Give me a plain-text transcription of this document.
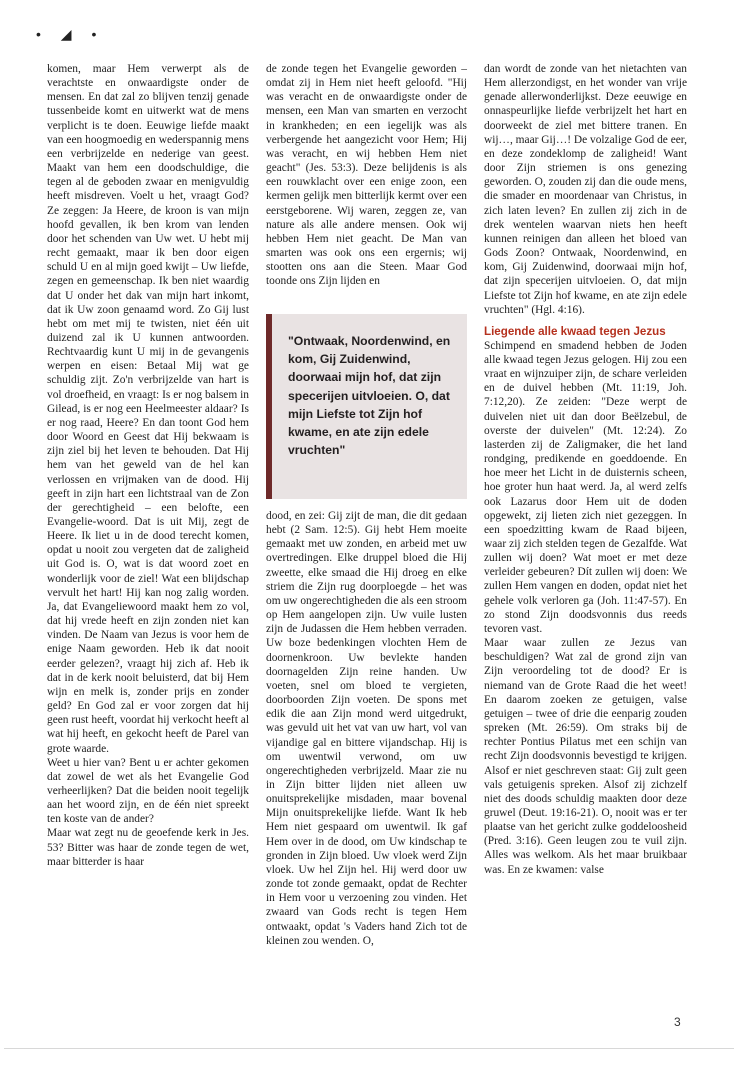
• ◢ •

komen, maar Hem verwerpt als de verachtste en onwaardigste onder de mensen. En dat zal zo blijven tenzij genade tussenbeide komt en uitwerkt wat de mens verplicht is te doen. Eeuwige liefde maakt van een hoogmoedig en wederspannig mens een verbrijzelde en nederige van geest. Maakt van hem een doodschuldige, die tegen al de geboden zwaar en menigvuldig heeft misdreven. Voelt u het, vraagt God? Ze zeggen: Ja Heere, de kroon is van mijn hoofd gevallen, ik ben krom van lenden door het schenden van Uw wet. U hebt mij recht gemaakt, maar ik ben door eigen schuld U en al mijn goed kwijt – Uw liefde, zegen en gemeenschap. Ik ben niet waardig dat U onder het dak van mijn hart inkomt, dat ik Uw zoon genaamd word. Zo Gij lust hebt om met mij te twisten, niet één uit duizend zal ik U kunnen antwoorden. Rechtvaardig kunt U mij in de gevangenis werpen en eisen: Betaal Mij wat ge schuldig zijt. Zo'n verbrijzelde van hart is vol droefheid, en vraagt: Is er nog balsem in Gilead, is er nog een Heelmeester aldaar? Is er nog raad, Heere? En dan toont God hem door Woord en Geest dat Hij bekwaam is zijn ziel bij het leven te behouden. Dat Hij hem van het geweld van de hel kan verlossen en vrijmaken van de dood. Hij geeft in zijn hart een lichtstraal van de Zon der gerechtigheid – een belofte, een Evangelie-woord. Dat is uit Mij, zegt de Heere. Ik liet u in de dood terecht komen, opdat u nooit zou vergeten dat de zaligheid uit God is. O, wat is dat woord zoet en wonderlijk voor de ziel! Wat een blijdschap vervult het hart! Hij kan nog zalig worden. Ja, dat Evangeliewoord maakt hem zo vol, dat hij vrede heeft en zijn zonden niet kan vinden. De Naam van Jezus is voor hem de enige Naam geworden. Heb ik dat nooit eerder gelezen?, vraagt hij zich af. Heb ik dat in de kerk nooit beluisterd, dat bij Hem wijn en melk is, zonder prijs en zonder geld? En God zal er voor zorgen dat hij geen rust heeft, voordat hij verkocht heeft al wat hij heeft, en gekocht heeft de Parel van grote waarde.

Weet u hier van? Bent u er achter gekomen dat zowel de wet als het Evangelie God verheerlijken? Dat die beiden nooit tegelijk aan het woord zijn, en de één niet spreekt ten koste van de ander?

Maar wat zegt nu de geoefende kerk in Jes. 53? Bitter was haar de zonde tegen de wet, maar bitterder is haar

de zonde tegen het Evangelie geworden – omdat zij in Hem niet heeft geloofd. "Hij was veracht en de onwaardigste onder de mensen, een Man van smarten en verzocht in krankheden; en een iegelijk was als verbergende het aangezicht voor Hem; Hij was veracht, en wij hebben Hem niet geacht" (Jes. 53:3). Deze belijdenis is als een rouwklacht over een enige zoon, een kermen gelijk men bitterlijk kermt over een eerstgeborene. Wij waren, zeggen ze, van nature als alle andere mensen. Ook wij hebben Hem niet geacht. De Man van smarten was ook ons een ergernis; wij stootten ons aan die Steen. Maar God toonde ons Zijn lijden en

"Ontwaak, Noordenwind, en kom, Gij Zuidenwind, doorwaai mijn hof, dat zijn specerijen uitvloeien. O, dat mijn Liefste tot Zijn hof kwame, en ate zijn edele vruchten"

dood, en zei: Gij zijt de man, die dit gedaan hebt (2 Sam. 12:5). Gij hebt Hem moeite gemaakt met uw zonden, en arbeid met uw overtredingen. Elke druppel bloed die Hij zweette, elke smaad die Hij droeg en elke striem die Zijn rug doorploegde – het was om uw ongerechtigheden die als een stroom op Hem aangelopen zijn. Uw vuile lusten zijn de Judassen die Hem hebben verraden. Uw boze bedenkingen vlochten Hem de doornenkroon. Uw bevlekte handen doornagelden Zijn reine handen. Uw voeten, snel om bloed te vergieten, doorboorden Zijn voeten. De spons met edik die aan Zijn mond werd uitgedrukt, was gevuld uit het vat van uw hart, vol van vijandige gal en bittere vijandschap. Hij is om uwentwil verwond, om uw ongerechtigheden verbrijzeld. Maar zie nu in Zijn bitter lijden niet alleen uw onuitsprekelijke misdaden, maar bovenal Mijn onuitsprekelijke liefde. Want Ik heb Hem niet gespaard om uwentwil. Ik gaf Hem over in de dood, om Uw kindschap te gronden in Zijn bloed. Uw vloek werd Zijn vloek. Uw hel Zijn hel. Hij werd door uw zonde tot zonde gemaakt, opdat de Rechter in Hem voor u verzoening zou vinden. Het zwaard van Gods recht is tegen Hem ontwaakt, opdat 's Vaders hand Zich tot de kleinen zou wenden. O,

dan wordt de zonde van het nietachten van Hem allerzondigst, en het wonder van vrije genade allerwonderlijkst. Deze eeuwige en onnaspeurlijke liefde verbrijzelt het hart en doorweekt de ziel met bittere tranen. En wij…, maar Gij…! De volzalige God de eer, en deze zondeklomp de zaligheid! Want door Zijn striemen is ons genezing geworden. O, zouden zij dan die oude mens, die smader en moordenaar van Christus, in zich laten leven? En zullen zij zich in de drek wentelen waarvan niets hen heeft kunnen reinigen dan alleen het bloed van Gods Zoon? Ontwaak, Noordenwind, en kom, Gij Zuidenwind, doorwaai mijn hof, dat zijn specerijen uitvloeien. O, dat mijn Liefste tot Zijn hof kwame, en ate zijn edele vruchten" (Hgl. 4:16).

Liegende alle kwaad tegen Jezus

Schimpend en smadend hebben de Joden alle kwaad tegen Jezus gelogen. Hij zou een vraat en wijnzuiper zijn, de schare verleiden en de duivel hebben (Mt. 11:19, Joh. 7:12,20). Ze zeiden: "Deze werpt de duivelen niet uit dan door Beëlzebul, de overste der duivelen" (Mt. 12:24). Zo lasterden zij de Zaligmaker, die het land rondging, predikende en goeddoende. En hoe meer het Licht in de duisternis scheen, hoe groter hun haat werd. Ja, al werd zelfs ook Lazarus door Hem uit de doden opgewekt, zij lieten zich niet gezeggen. In een spoedzitting kwam de Raad bijeen, waar zij zich stelden tegen de Gezalfde. Wat zullen wij doen? Wat moet er met deze verleider gebeuren? Dít zullen wij doen: We zullen Hem vangen en doden, opdat niet het gehele volk verloren ga (Joh. 11:47-57). En zo stond Zijn doodsvonnis dus reeds tevoren vast.

Maar waar zullen ze Jezus van beschuldigen? Wat zal de grond zijn van Zijn veroordeling tot de dood? Er is niemand van de Grote Raad die het weet! En daarom zoeken ze getuigen, valse getuigen – twee of drie die eenparig zouden spreken (Mt. 26:59). Om straks bij de rechter Pontius Pilatus met een schijn van recht Zijn doodsvonnis bevestigd te krijgen. Alsof er niet geschreven staat: Gij zult geen vals getuigenis spreken. Alsof zij zichzelf niet des doods schuldig maakten door deze gruwel (Deut. 19:16-21). O, nooit was er ter plaatse van het gericht zulke goddeloosheid (Pred. 3:16). Geen leugen zou te vuil zijn. Alles was welkom. Als het maar bruikbaar was. En ze kwamen: valse

3
